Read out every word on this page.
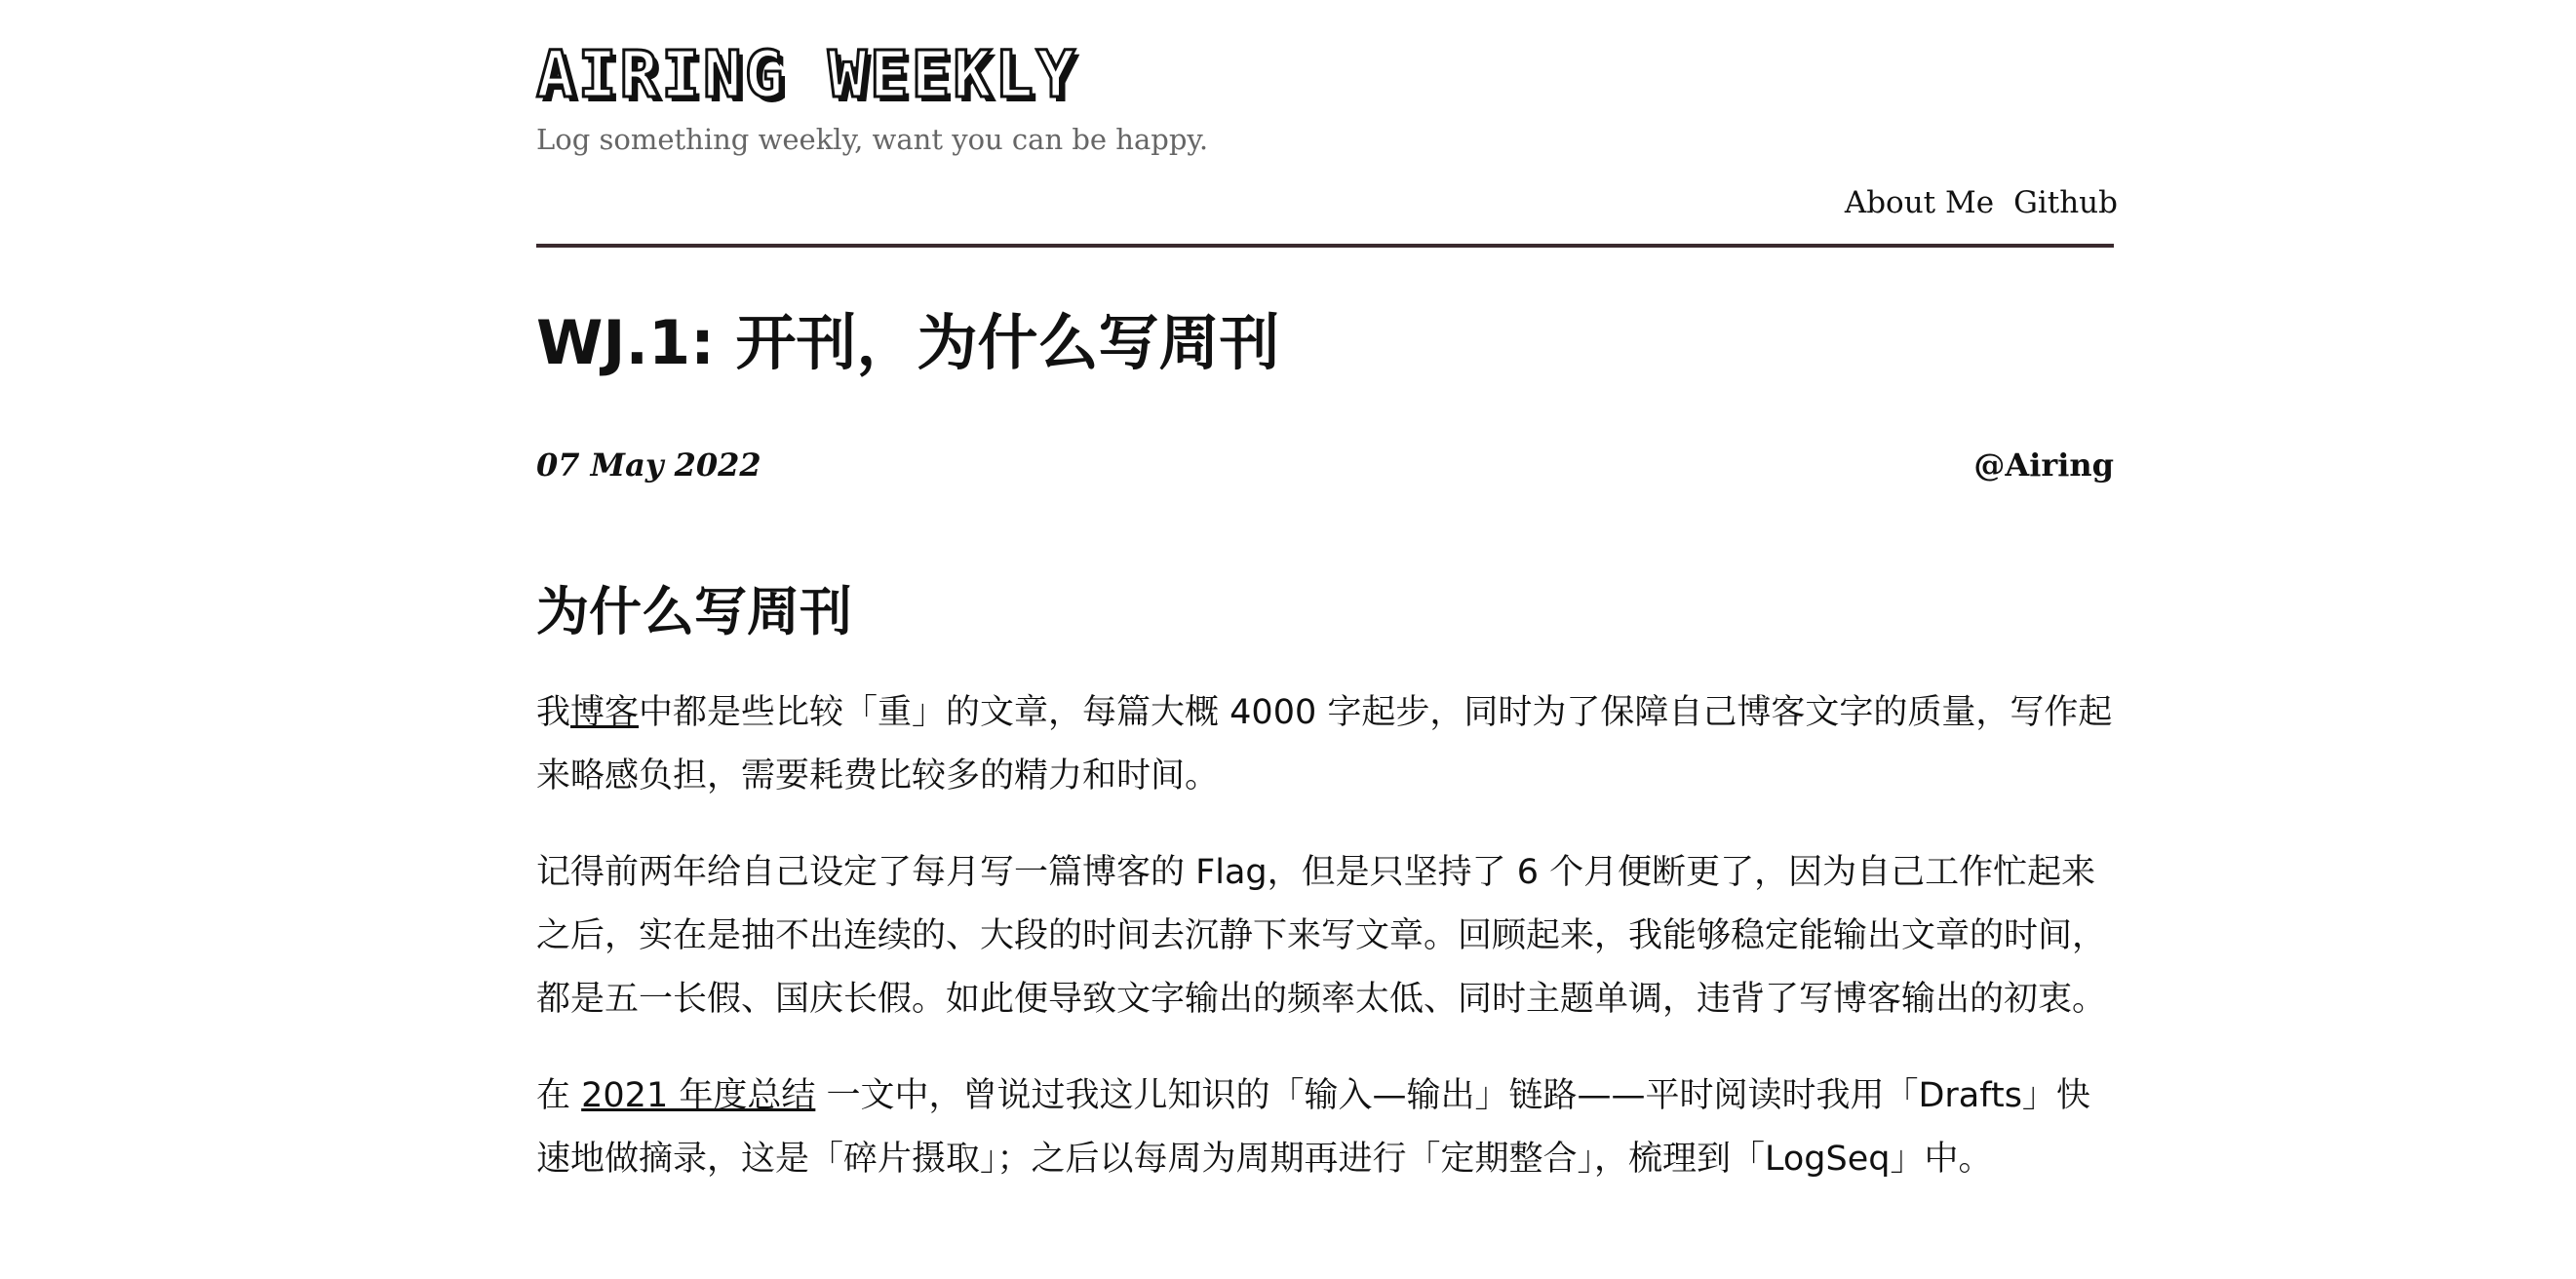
AIRING WEEKLY
Log something weekly, want you can be happy.
About Me Github
WJ.1: 开刊，为什么写周刊
07 May 2022	@Airing
为什么写周刊

我博客中都是些比较「重」的文章，每篇大概 4000 字起步，同时为了保障自己博客文字的质量，写作起来略感负担，需要耗费比较多的精力和时间。

记得前两年给自己设定了每月写一篇博客的 Flag，但是只坚持了 6 个月便断更了，因为自己工作忙起来之后，实在是抽不出连续的、大段的时间去沉静下来写文章。回顾起来，我能够稳定能输出文章的时间，都是五一长假、国庆长假。如此便导致文字输出的频率太低、同时主题单调，违背了写博客输出的初衷。

在 2021 年度总结 一文中，曾说过我这儿知识的「输入—输出」链路——平时阅读时我用「Drafts」快速地做摘录，这是「碎片摄取」；之后以每周为周期再进行「定期整合」，梳理到「LogSeq」中。
